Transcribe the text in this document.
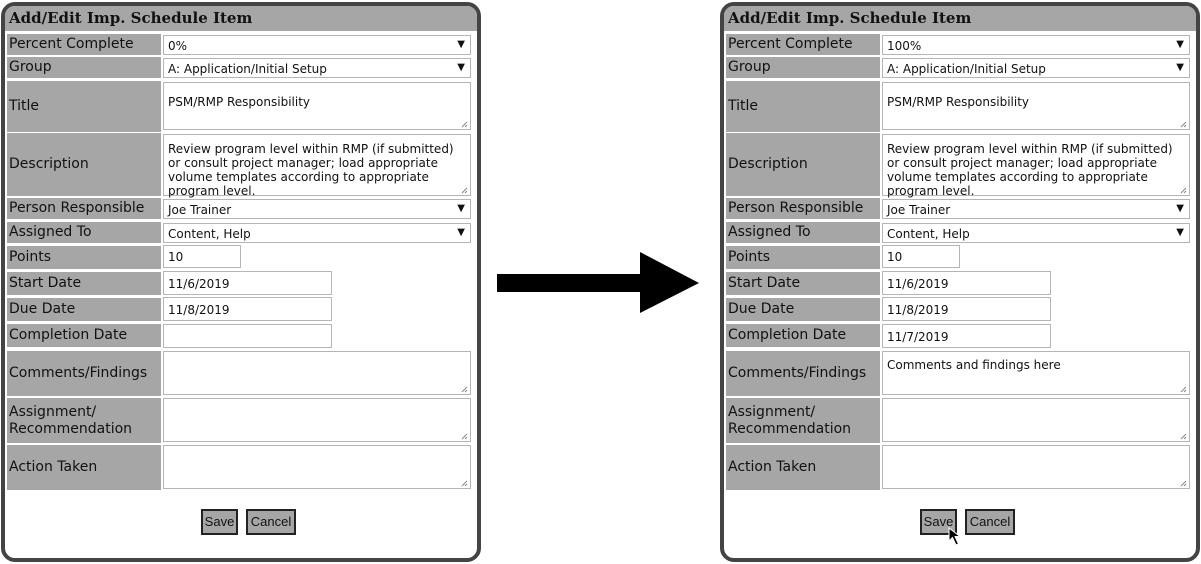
Add/Edit Imp. Schedule Item
Percent Complete	0%	▼
Group	A: Application/Initial Setup	▼
Title	PSM/RMP Responsibility
Description
Review program level within RMP (if submitted) or consult project manager; load appropriate volume templates according to appropriate program level.
Person Responsible	Joe Trainer	▼
Assigned To	Content, Help	▼
Points	10
Start Date	11/6/2019
Due Date	11/8/2019
Completion Date
Comments/Findings
Assignment/
Recommendation
Action Taken
Save	Cancel
Add/Edit Imp. Schedule Item
Percent Complete	100%	▼
Group	A: Application/Initial Setup	▼
Title	PSM/RMP Responsibility
Description
Review program level within RMP (if submitted) or consult project manager; load appropriate volume templates according to appropriate program level.
Person Responsible	Joe Trainer	▼
Assigned To	Content, Help	▼
Points	10
Start Date	11/6/2019
Due Date	11/8/2019
Completion Date	11/7/2019
Comments/Findings	Comments and findings here
Assignment/
Recommendation
Action Taken
Save	Cancel
